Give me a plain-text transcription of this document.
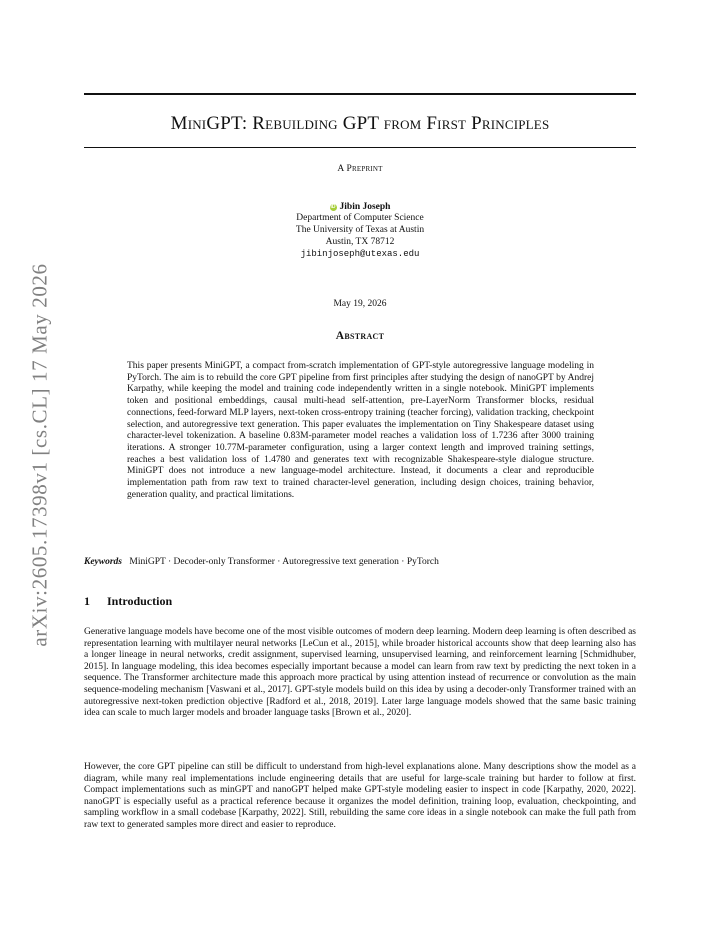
arXiv:2605.17398v1 [cs.CL] 17 May 2026
MiniGPT: Rebuilding GPT from First Principles
A Preprint
iD Jibin Joseph
Department of Computer Science
The University of Texas at Austin
Austin, TX 78712
jibinjoseph@utexas.edu
May 19, 2026
Abstract
This paper presents MiniGPT, a compact from-scratch implementation of GPT-style autoregressive language modeling in PyTorch. The aim is to rebuild the core GPT pipeline from first principles after studying the design of nanoGPT by Andrej Karpathy, while keeping the model and training code independently written in a single notebook. MiniGPT implements token and positional embeddings, causal multi-head self-attention, pre-LayerNorm Transformer blocks, residual connections, feed-forward MLP layers, next-token cross-entropy training (teacher forcing), validation tracking, checkpoint selection, and autoregressive text generation. This paper evaluates the implementation on Tiny Shakespeare dataset using character-level tokenization. A baseline 0.83M-parameter model reaches a validation loss of 1.7236 after 3000 training iterations. A stronger 10.77M-parameter configuration, using a larger context length and improved training settings, reaches a best validation loss of 1.4780 and generates text with recognizable Shakespeare-style dialogue structure. MiniGPT does not introduce a new language-model architecture. Instead, it documents a clear and reproducible implementation path from raw text to trained character-level generation, including design choices, training behavior, generation quality, and practical limitations.
Keywords MiniGPT · Decoder-only Transformer · Autoregressive text generation · PyTorch
1 Introduction
Generative language models have become one of the most visible outcomes of modern deep learning. Modern deep learning is often described as representation learning with multilayer neural networks [LeCun et al., 2015], while broader historical accounts show that deep learning also has a longer lineage in neural networks, credit assignment, supervised learning, unsupervised learning, and reinforcement learning [Schmidhuber, 2015]. In language modeling, this idea becomes especially important because a model can learn from raw text by predicting the next token in a sequence. The Transformer architecture made this approach more practical by using attention instead of recurrence or convolution as the main sequence-modeling mechanism [Vaswani et al., 2017]. GPT-style models build on this idea by using a decoder-only Transformer trained with an autoregressive next-token prediction objective [Radford et al., 2018, 2019]. Later large language models showed that the same basic training idea can scale to much larger models and broader language tasks [Brown et al., 2020].
However, the core GPT pipeline can still be difficult to understand from high-level explanations alone. Many descriptions show the model as a diagram, while many real implementations include engineering details that are useful for large-scale training but harder to follow at first. Compact implementations such as minGPT and nanoGPT helped make GPT-style modeling easier to inspect in code [Karpathy, 2020, 2022]. nanoGPT is especially useful as a practical reference because it organizes the model definition, training loop, evaluation, checkpointing, and sampling workflow in a small codebase [Karpathy, 2022]. Still, rebuilding the same core ideas in a single notebook can make the full path from raw text to generated samples more direct and easier to reproduce.
